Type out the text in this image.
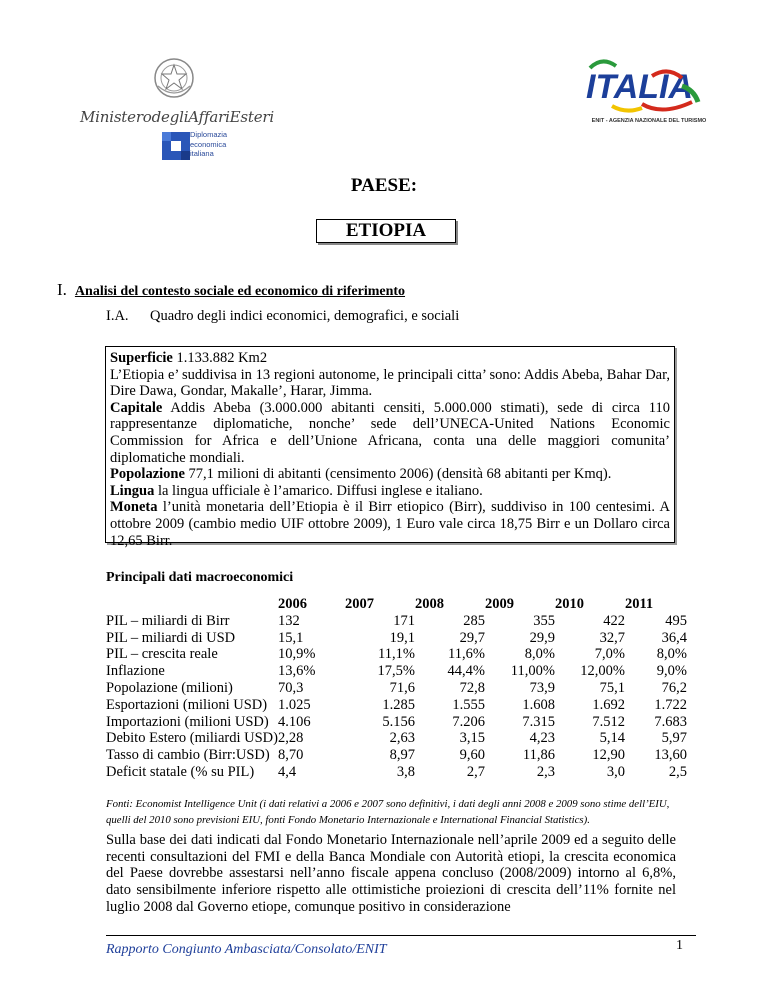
MinisterodegliAffariEsteri
Diplomazia
economica
italiana
ITALIA
ENIT - AGENZIA NAZIONALE DEL TURISMO
PAESE:
ETIOPIA
I. Analisi del contesto sociale ed economico di riferimento
I.A. Quadro degli indici economici, demografici, e sociali

Superficie 1.133.882 Km2

L’Etiopia e’ suddivisa in 13 regioni autonome, le principali citta’ sono: Addis Abeba, Bahar Dar, Dire Dawa, Gondar, Makalle’, Harar, Jimma.

Capitale Addis Abeba (3.000.000 abitanti censiti, 5.000.000 stimati), sede di circa 110 rappresentanze diplomatiche, nonche’ sede dell’UNECA-United Nations Economic Commission for Africa e dell’Unione Africana, conta una delle maggiori comunita’ diplomatiche mondiali.

Popolazione 77,1 milioni di abitanti (censimento 2006) (densità 68 abitanti per Kmq).

Lingua la lingua ufficiale è l’amarico. Diffusi inglese e italiano.

Moneta l’unità monetaria dell’Etiopia è il Birr etiopico (Birr), suddiviso in 100 centesimi. A ottobre 2009 (cambio medio UIF ottobre 2009), 1 Euro vale circa 18,75 Birr e un Dollaro circa 12,65 Birr.

Principali dati macroeconomici
	2006	2007	2008	2009	2010	2011
PIL – miliardi di Birr	132	171	285	355	422	495
PIL – miliardi di USD	15,1	19,1	29,7	29,9	32,7	36,4
PIL – crescita reale	10,9%	11,1%	11,6%	8,0%	7,0%	8,0%
Inflazione	13,6%	17,5%	44,4%	11,00%	12,00%	9,0%
Popolazione (milioni)	70,3	71,6	72,8	73,9	75,1	76,2
Esportazioni (milioni USD)	1.025	1.285	1.555	1.608	1.692	1.722
Importazioni (milioni USD)	4.106	5.156	7.206	7.315	7.512	7.683
Debito Estero (miliardi USD)	2,28	2,63	3,15	4,23	5,14	5,97
Tasso di cambio (Birr:USD)	8,70	8,97	9,60	11,86	12,90	13,60
Deficit statale (% su PIL)	4,4	3,8	2,7	2,3	3,0	2,5
Fonti: Economist Intelligence Unit (i dati relativi a 2006 e 2007 sono definitivi, i dati degli anni 2008 e 2009 sono stime dell’EIU, quelli del 2010 sono previsioni EIU, fonti Fondo Monetario Internazionale e International Financial Statistics).
Sulla base dei dati indicati dal Fondo Monetario Internazionale nell’aprile 2009 ed a seguito delle recenti consultazioni del FMI e della Banca Mondiale con Autorità etiopi, la crescita economica del Paese dovrebbe assestarsi nell’anno fiscale appena concluso (2008/2009) intorno al 6,8%, dato sensibilmente inferiore rispetto alle ottimistiche proiezioni di crescita dell’11% fornite nel luglio 2008 dal Governo etiope, comunque positivo in considerazione
Rapporto Congiunto Ambasciata/Consolato/ENIT	1
